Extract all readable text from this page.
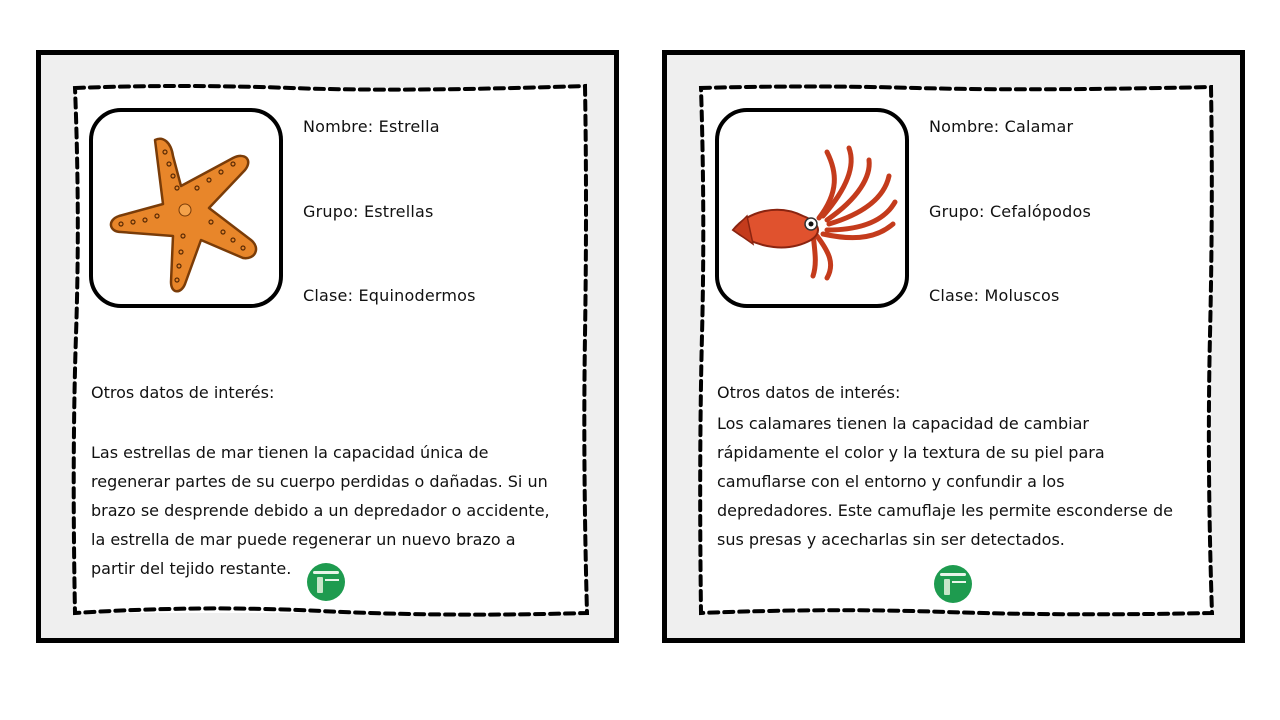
Nombre: Estrella
Grupo: Estrellas
Clase: Equinodermos
Otros datos de interés:
Las estrellas de mar tienen la capacidad única de regenerar partes de su cuerpo perdidas o dañadas. Si un brazo se desprende debido a un depredador o accidente, la estrella de mar puede regenerar un nuevo brazo a partir del tejido restante.
Nombre: Calamar
Grupo: Cefalópodos
Clase: Moluscos
Otros datos de interés:
Los calamares tienen la capacidad de cambiar rápidamente el color y la textura de su piel para camuflarse con el entorno y confundir a los depredadores. Este camuflaje les permite esconderse de sus presas y acecharlas sin ser detectados.
